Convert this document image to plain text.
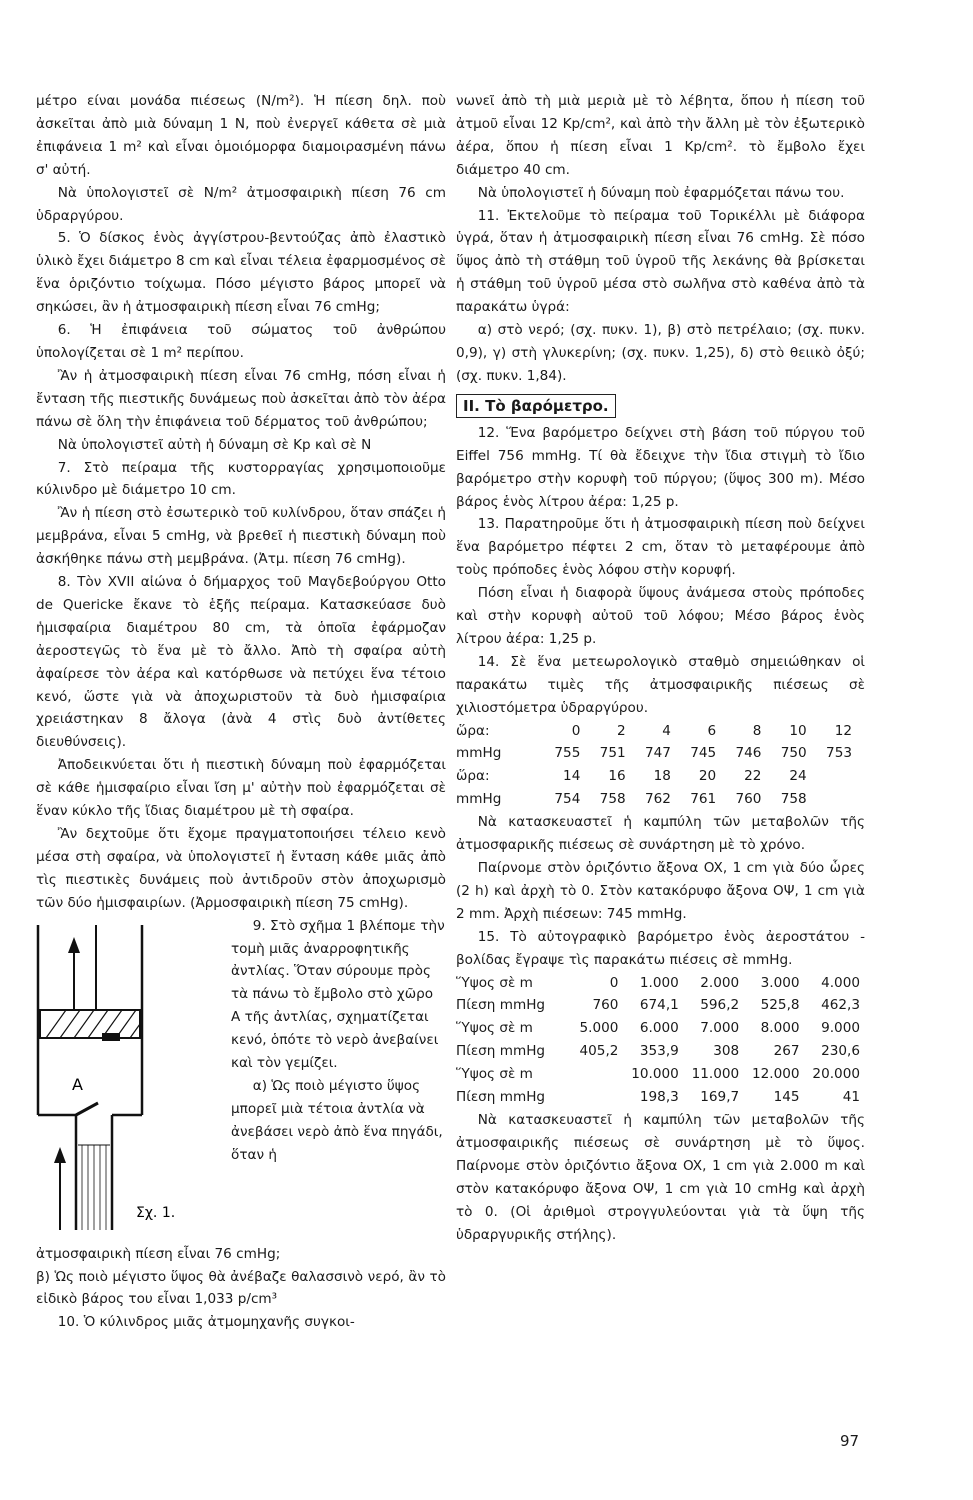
μέτρο είναι μονάδα πιέσεως (N/m²). Ἡ πίεση δηλ. ποὺ ἀσκεῖται ἀπὸ μιὰ δύναμη 1 N, ποὺ ἐνεργεῖ κάθετα σὲ μιὰ ἐπιφάνεια 1 m² καὶ εἶναι ὁμοιόμορφα διαμοιρασμένη πάνω σ' αὐτή.

Νὰ ὑπολογιστεῖ σὲ N/m² ἀτμοσφαιρικὴ πίεση 76 cm ὑδραργύρου.

5. Ὁ δίσκος ἑνὸς ἀγγίστρου-βεντούζας ἀπὸ ἐλαστικὸ ὑλικὸ ἔχει διάμετρο 8 cm καὶ εἶναι τέλεια ἐφαρμοσμένος σὲ ἕνα ὁριζόντιο τοίχωμα. Πόσο μέγιστο βάρος μπορεῖ νὰ σηκώσει, ἂν ἡ ἀτμοσφαιρικὴ πίεση εἶναι 76 cmHg;

6. Ἡ ἐπιφάνεια τοῦ σώματος τοῦ ἀνθρώπου ὑπολογίζεται σὲ 1 m² περίπου.

Ἂν ἡ ἀτμοσφαιρικὴ πίεση εἶναι 76 cmHg, πόση εἶναι ἡ ἔνταση τῆς πιεστικῆς δυνάμεως ποὺ ἀσκεῖται ἀπὸ τὸν ἀέρα πάνω σὲ ὅλη τὴν ἐπιφάνεια τοῦ δέρματος τοῦ ἀνθρώπου;

Νὰ ὑπολογιστεῖ αὐτὴ ἡ δύναμη σὲ Kp καὶ σὲ N

7. Στὸ πείραμα τῆς κυστορραγίας χρησιμοποιοῦμε κύλινδρο μὲ διάμετρο 10 cm.

Ἂν ἡ πίεση στὸ ἐσωτερικὸ τοῦ κυλίνδρου, ὅταν σπάζει ἡ μεμβράνα, εἶναι 5 cmHg, νὰ βρεθεῖ ἡ πιεστικὴ δύναμη ποὺ ἀσκήθηκε πάνω στὴ μεμβράνα. (Ἀτμ. πίεση 76 cmHg).

8. Τὸν XVII αἰώνα ὁ δήμαρχος τοῦ Μαγδεβούργου Otto de Quericke ἔκανε τὸ ἑξῆς πείραμα. Κατασκεύασε δυὸ ἡμισφαίρια διαμέτρου 80 cm, τὰ ὁποῖα ἐφάρμοζαν ἀεροστεγῶς τὸ ἕνα μὲ τὸ ἄλλο. Ἀπὸ τὴ σφαίρα αὐτὴ ἀφαίρεσε τὸν ἀέρα καὶ κατόρθωσε νὰ πετύχει ἕνα τέτοιο κενό, ὥστε γιὰ νὰ ἀποχωριστοῦν τὰ δυὸ ἡμισφαίρια χρειάστηκαν 8 ἄλογα (ἀνὰ 4 στὶς δυὸ ἀντίθετες διευθύνσεις).

Ἀποδεικνύεται ὅτι ἡ πιεστικὴ δύναμη ποὺ ἐφαρμόζεται σὲ κάθε ἡμισφαίριο εἶναι ἴση μ' αὐτὴν ποὺ ἐφαρμόζεται σὲ ἕναν κύκλο τῆς ἴδιας διαμέτρου μὲ τὴ σφαίρα.

Ἂν δεχτοῦμε ὅτι ἔχομε πραγματοποιήσει τέλειο κενὸ μέσα στὴ σφαίρα, νὰ ὑπολογιστεῖ ἡ ἔνταση κάθε μιᾶς ἀπὸ τὶς πιεστικὲς δυνάμεις ποὺ ἀντιδροῦν στὸν ἀποχωρισμὸ τῶν δύο ἡμισφαιρίων. (Ἀρμοσφαιρικὴ πίεση 75 cmHg).

A
Σχ. 1.

9. Στὸ σχῆμα 1 βλέπομε τὴν τομὴ μιᾶς ἀναρροφητικῆς ἀντλίας. Ὅταν σύρουμε πρὸς τὰ πάνω τὸ ἔμβολο στὸ χῶρο A τῆς ἀντλίας, σχηματίζεται κενό, ὁπότε τὸ νερὸ ἀνεβαίνει καὶ τὸν γεμίζει.

α) Ὡς ποιὸ μέγιστο ὕψος μπορεῖ μιὰ τέτοια ἀντλία νὰ ἀνεβάσει νερὸ ἀπὸ ἕνα πηγάδι, ὅταν ἡ

ἀτμοσφαιρικὴ πίεση εἶναι 76 cmHg;

β) Ὡς ποιὸ μέγιστο ὕψος θὰ ἀνέβαζε θαλασσινὸ νερό, ἂν τὸ εἰδικὸ βάρος του εἶναι 1,033 p/cm³

10. Ὁ κύλινδρος μιᾶς ἀτμομηχανῆς συγκοι-

νωνεῖ ἀπὸ τὴ μιὰ μεριὰ μὲ τὸ λέβητα, ὅπου ἡ πίεση τοῦ ἀτμοῦ εἶναι 12 Kp/cm², καὶ ἀπὸ τὴν ἄλλη μὲ τὸν ἐξωτερικὸ ἀέρα, ὅπου ἡ πίεση εἶναι 1 Kp/cm². τὸ ἔμβολο ἔχει διάμετρο 40 cm.

Νὰ ὑπολογιστεῖ ἡ δύναμη ποὺ ἐφαρμόζεται πάνω του.

11. Ἐκτελοῦμε τὸ πείραμα τοῦ Τορικέλλι μὲ διάφορα ὑγρά, ὅταν ἡ ἀτμοσφαιρικὴ πίεση εἶναι 76 cmHg. Σὲ πόσο ὕψος ἀπὸ τὴ στάθμη τοῦ ὑγροῦ τῆς λεκάνης θὰ βρίσκεται ἡ στάθμη τοῦ ὑγροῦ μέσα στὸ σωλῆνα στὸ καθένα ἀπὸ τὰ παρακάτω ὑγρά:

α) στὸ νερό; (σχ. πυκν. 1), β) στὸ πετρέλαιο; (σχ. πυκν. 0,9), γ) στὴ γλυκερίνη; (σχ. πυκν. 1,25), δ) στὸ θειικὸ ὀξύ; (σχ. πυκν. 1,84).

II. Τὸ βαρόμετρο.

12. Ἕνα βαρόμετρο δείχνει στὴ βάση τοῦ πύργου τοῦ Eiffel 756 mmHg. Τί θὰ ἔδειχνε τὴν ἴδια στιγμὴ τὸ ἴδιο βαρόμετρο στὴν κορυφὴ τοῦ πύργου; (ὕψος 300 m). Μέσο βάρος ἑνὸς λίτρου ἀέρα: 1,25 p.

13. Παρατηροῦμε ὅτι ἡ ἀτμοσφαιρικὴ πίεση ποὺ δείχνει ἕνα βαρόμετρο πέφτει 2 cm, ὅταν τὸ μεταφέρουμε ἀπὸ τοὺς πρόποδες ἑνὸς λόφου στὴν κορυφή.

Πόση εἶναι ἡ διαφορὰ ὕψους ἀνάμεσα στοὺς πρόποδες καὶ στὴν κορυφὴ αὐτοῦ τοῦ λόφου; Μέσο βάρος ἑνὸς λίτρου ἀέρα: 1,25 p.

14. Σὲ ἕνα μετεωρολογικὸ σταθμὸ σημειώθηκαν οἱ παρακάτω τιμὲς τῆς ἀτμοσφαιρικῆς πιέσεως σὲ χιλιοστόμετρα ὑδραργύρου.

ὥρα:	0	2	4	6	8	10	12
mmHg	755	751	747	745	746	750	753
ὥρα:	14	16	18	20	22	24	
mmHg	754	758	762	761	760	758	

Νὰ κατασκευαστεῖ ἡ καμπύλη τῶν μεταβολῶν τῆς ἀτμοσφαρικῆς πιέσεως σὲ συνάρτηση μὲ τὸ χρόνο.

Παίρνομε στὸν ὁριζόντιο ἄξονα OX, 1 cm γιὰ δύο ὧρες (2 h) καὶ ἀρχὴ τὸ 0. Στὸν κατακόρυφο ἄξονα OΨ, 1 cm γιὰ 2 mm. Ἀρχὴ πιέσεων: 745 mmHg.

15. Τὸ αὐτογραφικὸ βαρόμετρο ἑνὸς ἀεροστάτου - βολίδας ἔγραψε τὶς παρακάτω πιέσεις σὲ mmHg.

Ὕψος σὲ m	0	1.000	2.000	3.000	4.000
Πίεση mmHg	760	674,1	596,2	525,8	462,3
Ὕψος σὲ m	5.000	6.000	7.000	8.000	9.000
Πίεση mmHg	405,2	353,9	308	267	230,6
Ὕψος σὲ m		10.000	11.000	12.000	20.000
Πίεση mmHg		198,3	169,7	145	41

Νὰ κατασκευαστεῖ ἡ καμπύλη τῶν μεταβολῶν τῆς ἀτμοσφαιρικῆς πιέσεως σὲ συνάρτηση μὲ τὸ ὕψος. Παίρνομε στὸν ὁριζόντιο ἄξονα OX, 1 cm γιὰ 2.000 m καὶ στὸν κατακόρυφο ἄξονα OΨ, 1 cm γιὰ 10 cmHg καὶ ἀρχὴ τὸ 0. (Οἱ ἀριθμοὶ στρογγυλεύονται γιὰ τὰ ὕψη τῆς ὑδραργυρικῆς στήλης).

97
